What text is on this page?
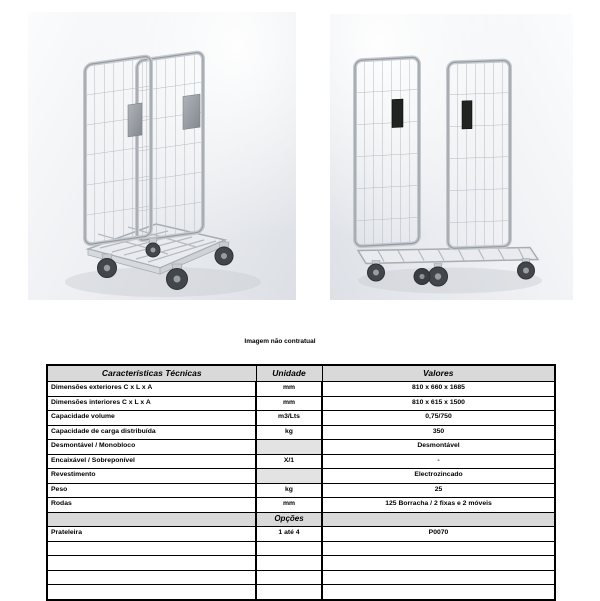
Imagem não contratual
Características Técnicas	Unidade	Valores
Dimensões exteriores C x L x A	mm	810 x 660 x 1685
Dimensões interiores C x L x A	mm	810 x 615 x 1500
Capacidade volume	m3/Lts	0,75/750
Capacidade de carga distribuída	kg	350
Desmontável / Monobloco		Desmontável
Encaixável / Sobreponível	X/1	-
Revestimento		Electrozincado
Peso	kg	25
Rodas	mm	125 Borracha / 2 fixas e 2 móveis
	Opções	
Prateleira	1 até 4	P0070
